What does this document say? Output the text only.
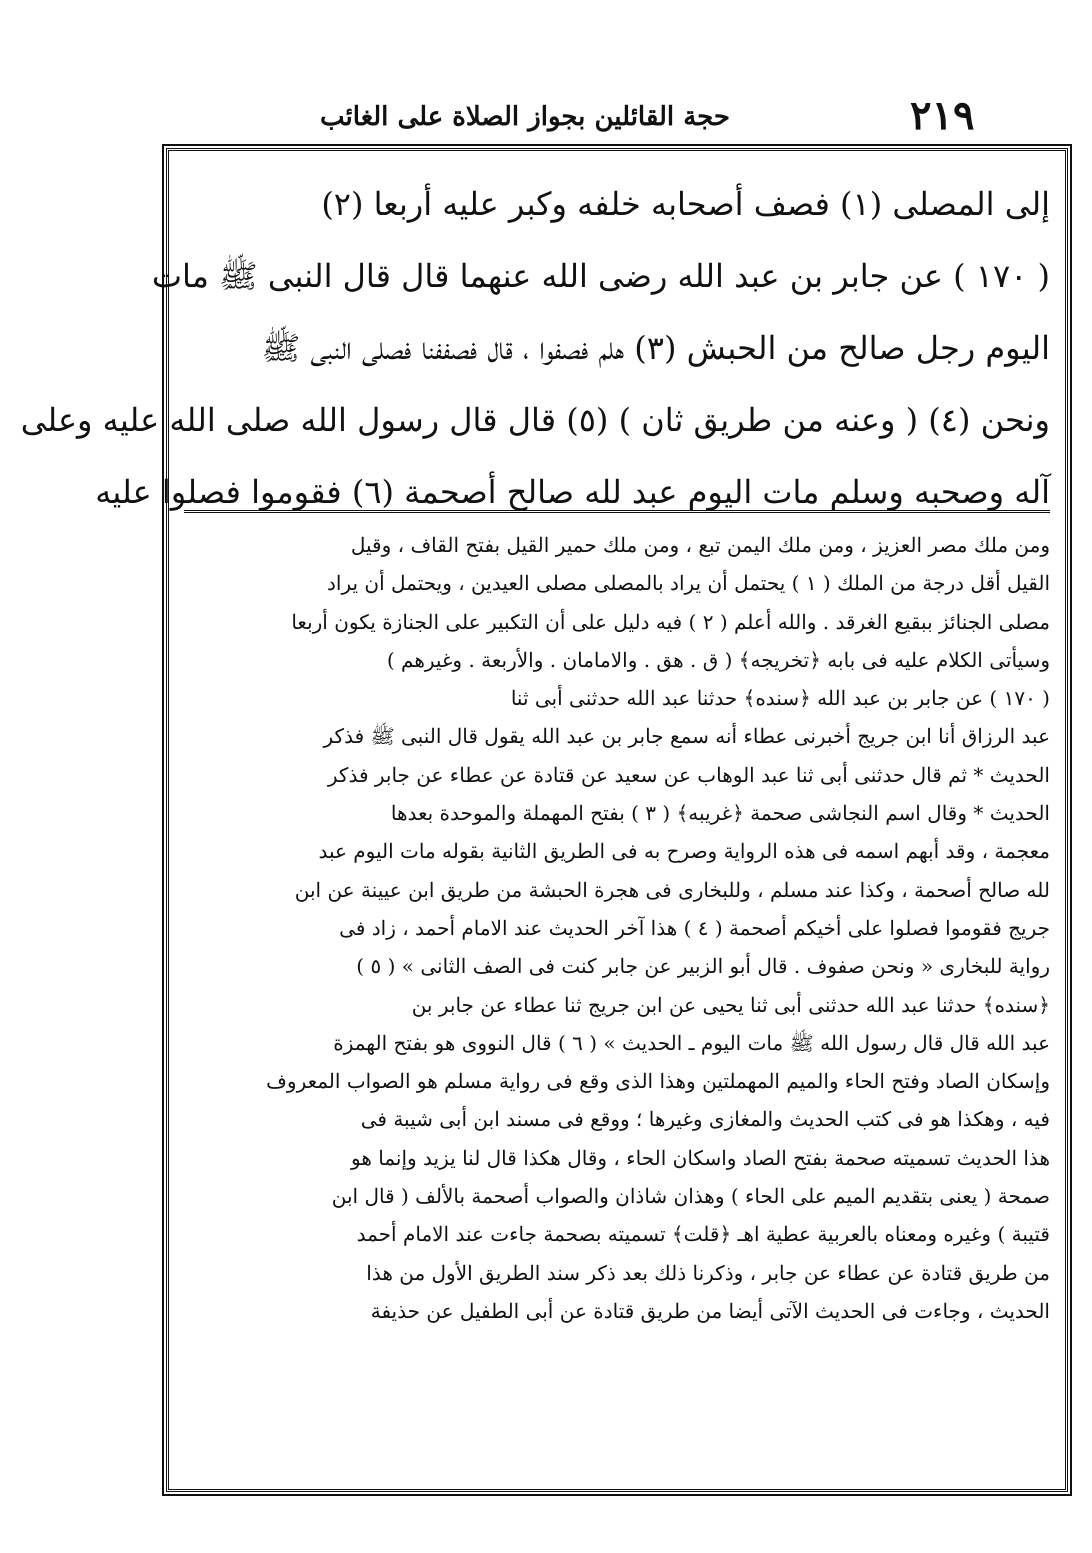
٢١٩
حجة القائلين بجواز الصلاة على الغائب
إلى المصلى (١) فصف أصحابه خلفه وكبر عليه أربعا (٢)
( ١٧٠ ) عن جابر بن عبد الله رضى الله عنهما قال قال النبى ﷺ مات
اليوم رجل صالح من الحبش (٣) هلم فصفوا ، قال فصففنا فصلى النبى ﷺ
ونحن (٤) ( وعنه من طريق ثان ) (٥) قال قال رسول الله صلى الله عليه وعلى
آله وصحبه وسلم مات اليوم عبد لله صالح أصحمة (٦) فقوموا فصلوا عليه
ومن ملك مصر العزيز ، ومن ملك اليمن تبع ، ومن ملك حمير القيل بفتح القاف ، وقيل
القيل أقل درجة من الملك ( ١ ) يحتمل أن يراد بالمصلى مصلى العيدين ، ويحتمل أن يراد
مصلى الجنائز ببقيع الغرقد . والله أعلم ( ٢ ) فيه دليل على أن التكبير على الجنازة يكون أربعا
وسيأتى الكلام عليه فى بابه ﴿تخريجه﴾ ( ق . هق . والامامان . والأربعة . وغيرهم )
( ١٧٠ ) عن جابر بن عبد الله ﴿سنده﴾ حدثنا عبد الله حدثنى أبى ثنا
عبد الرزاق أنا ابن جريج أخبرنى عطاء أنه سمع جابر بن عبد الله يقول قال النبى ﷺ فذكر
الحديث * ثم قال حدثنى أبى ثنا عبد الوهاب عن سعيد عن قتادة عن عطاء عن جابر فذكر
الحديث * وقال اسم النجاشى صحمة ﴿غريبه﴾ ( ٣ ) بفتح المهملة والموحدة بعدها
معجمة ، وقد أبهم اسمه فى هذه الرواية وصرح به فى الطريق الثانية بقوله مات اليوم عبد
لله صالح أصحمة ، وكذا عند مسلم ، وللبخارى فى هجرة الحبشة من طريق ابن عيينة عن ابن
جريج فقوموا فصلوا على أخيكم أصحمة ( ٤ ) هذا آخر الحديث عند الامام أحمد ، زاد فى
رواية للبخارى « ونحن صفوف . قال أبو الزبير عن جابر كنت فى الصف الثانى » ( ٥ )
﴿سنده﴾ حدثنا عبد الله حدثنى أبى ثنا يحيى عن ابن جريج ثنا عطاء عن جابر بن
عبد الله قال قال رسول الله ﷺ مات اليوم ـ الحديث » ( ٦ ) قال النووى هو بفتح الهمزة
وإسكان الصاد وفتح الحاء والميم المهملتين وهذا الذى وقع فى رواية مسلم هو الصواب المعروف
فيه ، وهكذا هو فى كتب الحديث والمغازى وغيرها ؛ ووقع فى مسند ابن أبى شيبة فى
هذا الحديث تسميته صحمة بفتح الصاد واسكان الحاء ، وقال هكذا قال لنا يزيد وإنما هو
صمحة ( يعنى بتقديم الميم على الحاء ) وهذان شاذان والصواب أصحمة بالألف ( قال ابن
قتيبة ) وغيره ومعناه بالعربية عطية اهـ ﴿قلت﴾ تسميته بصحمة جاءت عند الامام أحمد
من طريق قتادة عن عطاء عن جابر ، وذكرنا ذلك بعد ذكر سند الطريق الأول من هذا
الحديث ، وجاءت فى الحديث الآتى أيضا من طريق قتادة عن أبى الطفيل عن حذيفة
